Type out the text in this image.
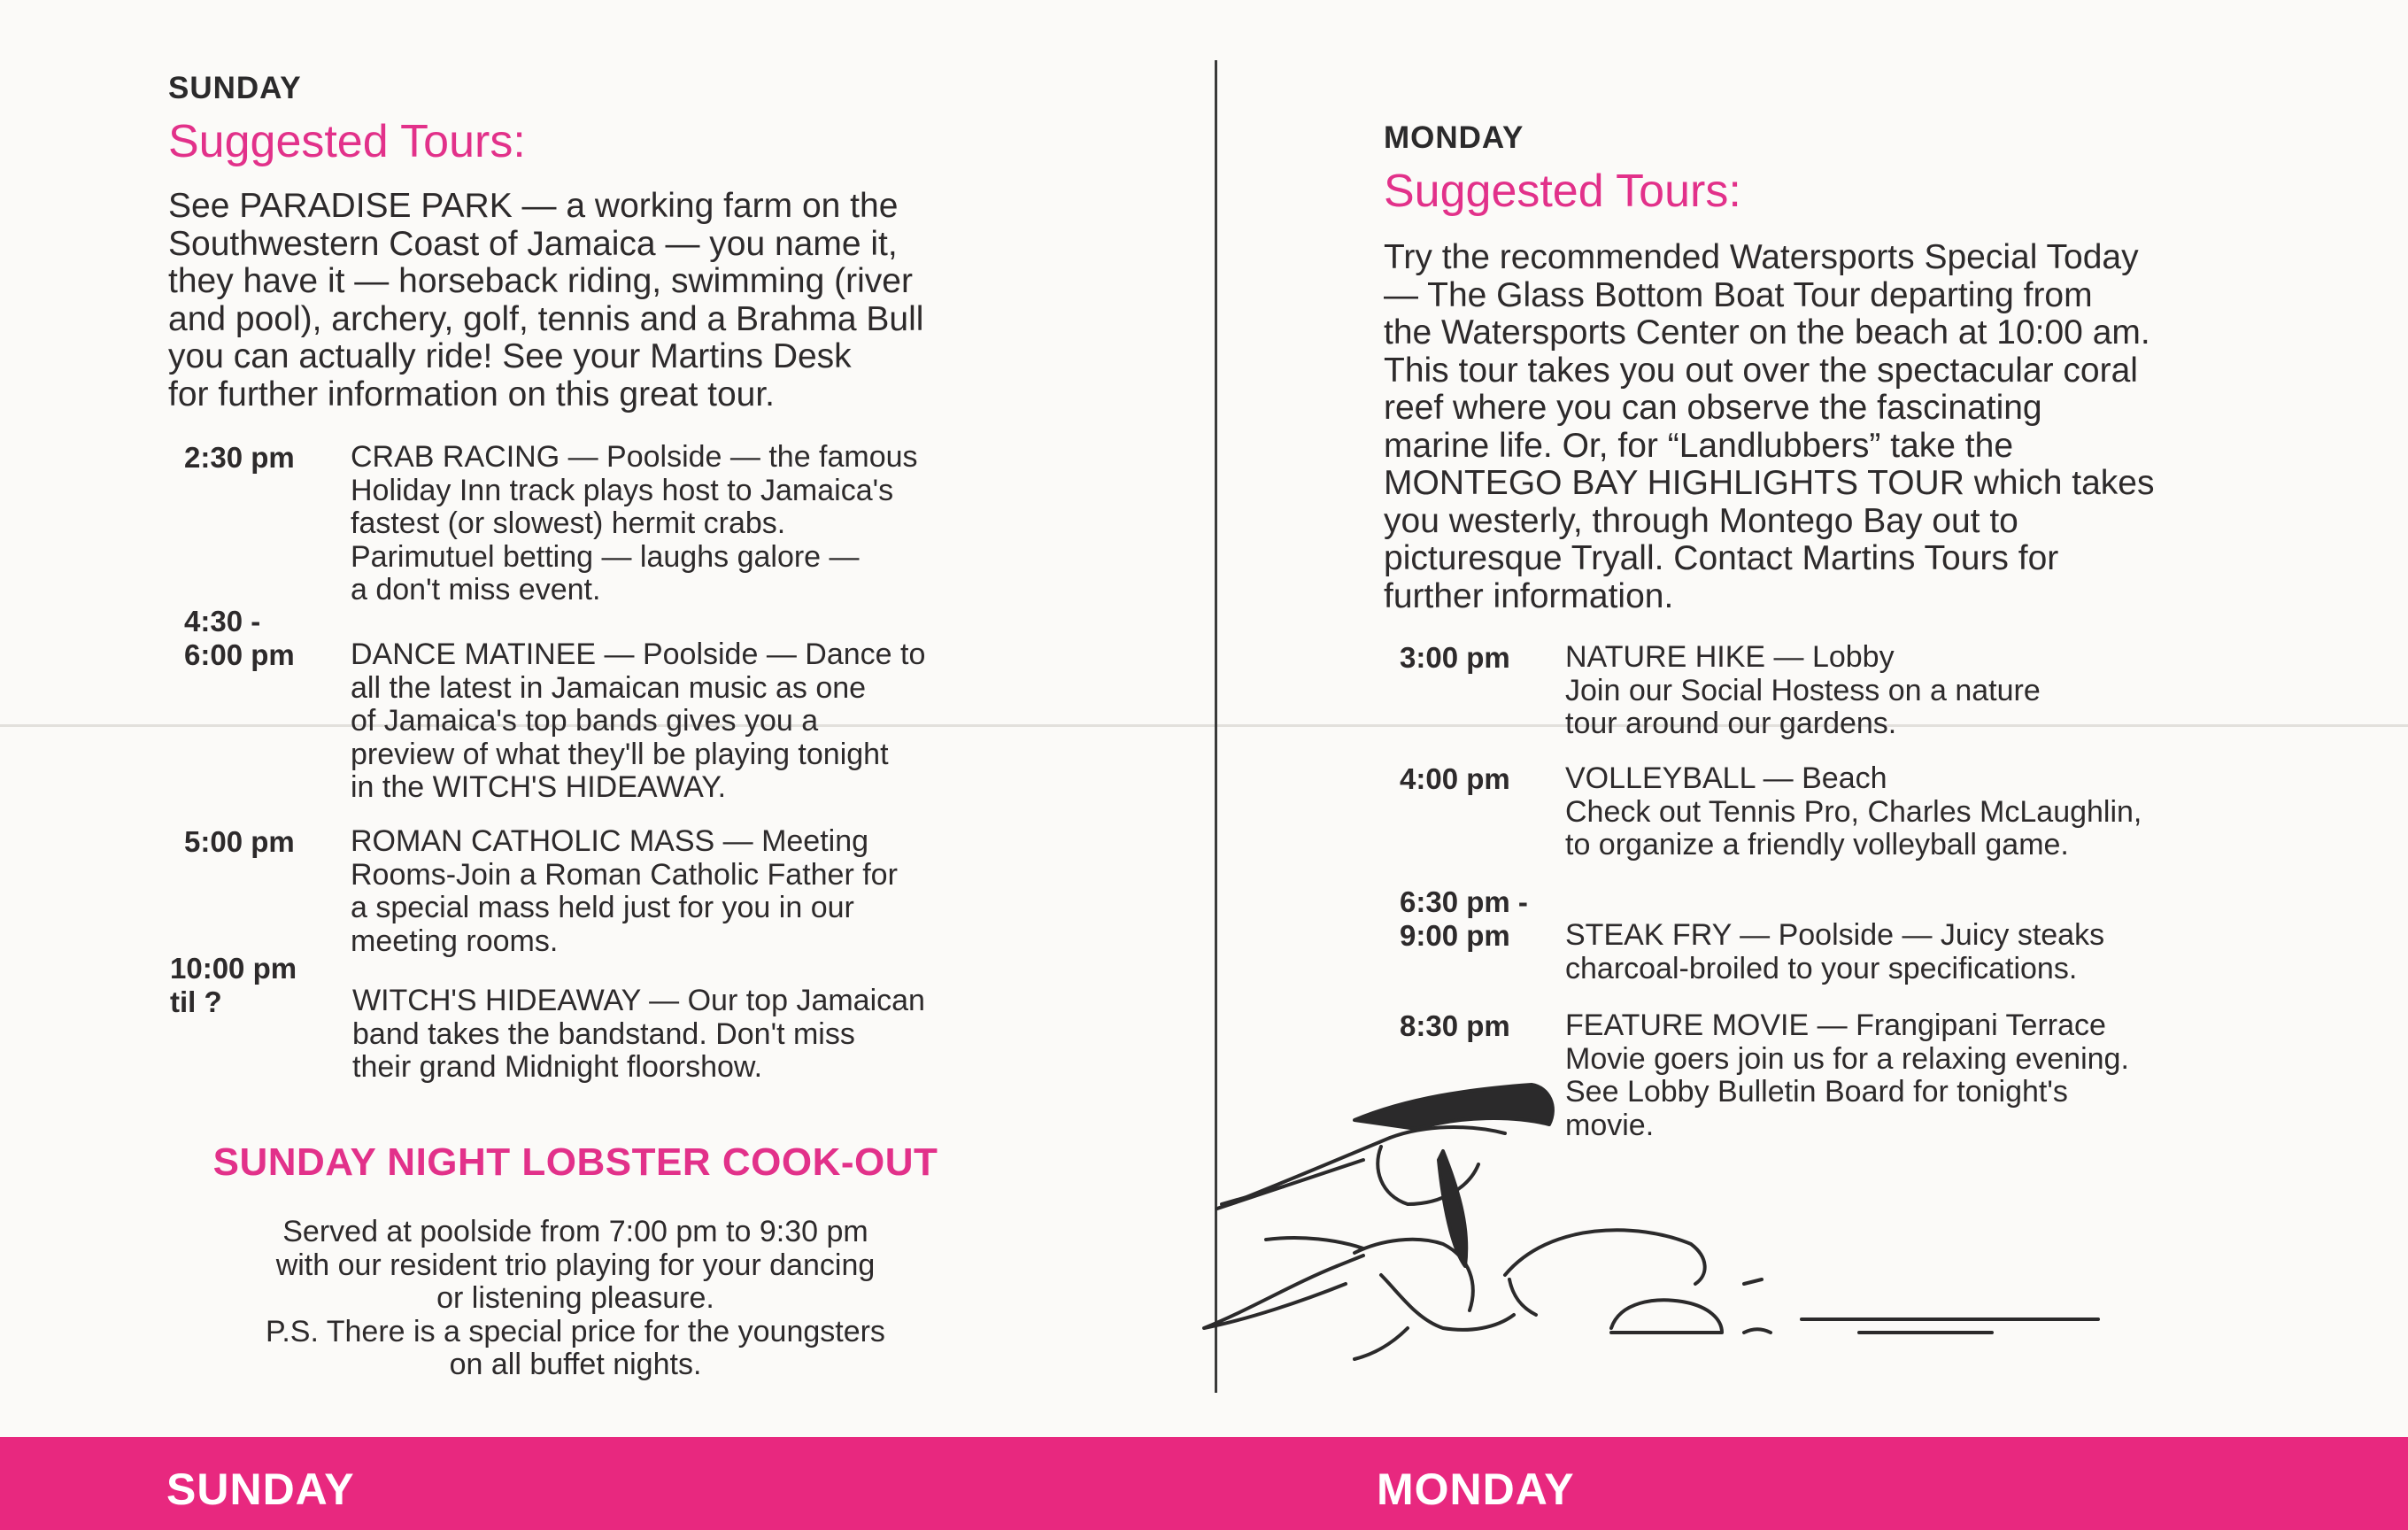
SUNDAY
Suggested Tours:

See PARADISE PARK — a working farm on the
Southwestern Coast of Jamaica — you name it,
they have it — horseback riding, swimming (river
and pool), archery, golf, tennis and a Brahma Bull
you can actually ride! See your Martins Desk
for further information on this great tour.

2:30 pm CRAB RACING — Poolside — the famous
Holiday Inn track plays host to Jamaica's
fastest (or slowest) hermit crabs.
Parimutuel betting — laughs galore —
a don't miss event.
4:30 -
6:00 pm DANCE MATINEE — Poolside — Dance to
all the latest in Jamaican music as one
of Jamaica's top bands gives you a
preview of what they'll be playing tonight
in the WITCH'S HIDEAWAY.
5:00 pm ROMAN CATHOLIC MASS — Meeting
Rooms-Join a Roman Catholic Father for
a special mass held just for you in our
meeting rooms.
10:00 pm
til ?	WITCH'S HIDEAWAY — Our top Jamaican
band takes the bandstand. Don't miss
their grand Midnight floorshow.
SUNDAY NIGHT LOBSTER COOK-OUT
Served at poolside from 7:00 pm to 9:30 pm
with our resident trio playing for your dancing
or listening pleasure.
P.S. There is a special price for the youngsters
on all buffet nights.
MONDAY
Suggested Tours:

Try the recommended Watersports Special Today
— The Glass Bottom Boat Tour departing from
the Watersports Center on the beach at 10:00 am.
This tour takes you out over the spectacular coral
reef where you can observe the fascinating
marine life. Or, for “Landlubbers” take the
MONTEGO BAY HIGHLIGHTS TOUR which takes
you westerly, through Montego Bay out to
picturesque Tryall. Contact Martins Tours for
further information.

3:00 pm NATURE HIKE — Lobby
Join our Social Hostess on a nature
tour around our gardens.
4:00 pm VOLLEYBALL — Beach
Check out Tennis Pro, Charles McLaughlin,
to organize a friendly volleyball game.
6:30 pm -
9:00 pm	STEAK FRY — Poolside — Juicy steaks
charcoal-broiled to your specifications.
8:30 pm FEATURE MOVIE — Frangipani Terrace
Movie goers join us for a relaxing evening.
See Lobby Bulletin Board for tonight's
movie.
SUNDAY	MONDAY
